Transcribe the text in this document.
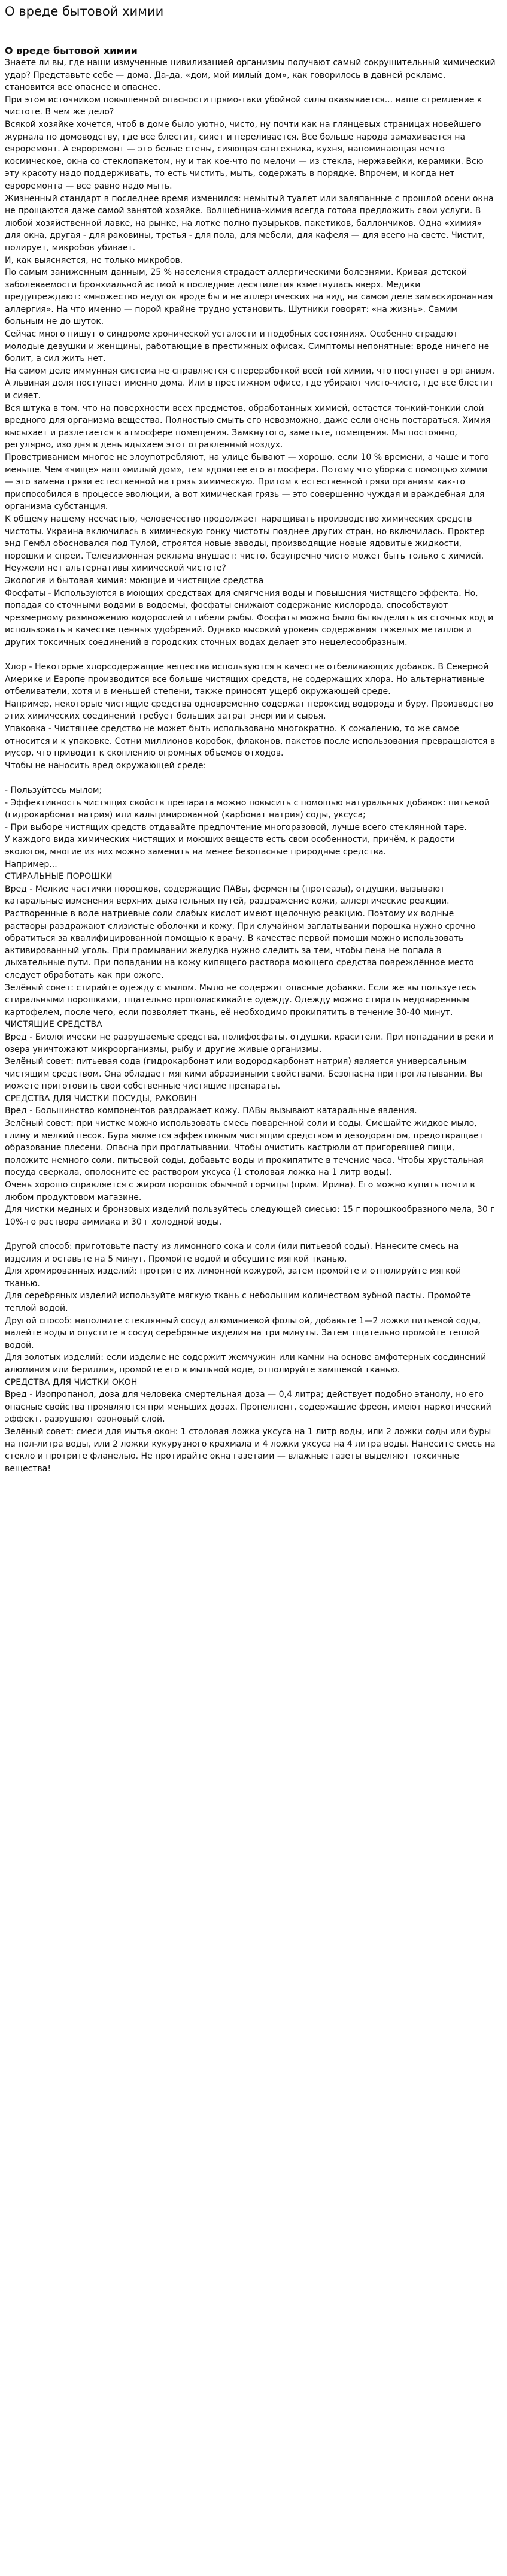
О вреде бытовой химии
О вреде бытовой химии

Знаете ли вы, где наши измученные цивилизацией организмы получают самый сокрушительный химический удар? Представьте себе — дома. Да-да, «дом, мой милый дом», как говорилось в давней рекламе, становится все опаснее и опаснее.

При этом источником повышенной опасности прямо-таки убойной силы оказывается... наше стремление к чистоте. В чем же дело?

Всякой хозяйке хочется, чтоб в доме было уютно, чисто, ну почти как на глянцевых страницах новейшего журнала по домоводству, где все блестит, сияет и переливается. Все больше народа замахивается на евроремонт. А евроремонт — это белые стены, сияющая сантехника, кухня, напоминающая нечто космическое, окна со стеклопакетом, ну и так кое-что по мелочи — из стекла, нержавейки, керамики. Всю эту красоту надо поддерживать, то есть чистить, мыть, содержать в порядке. Впрочем, и когда нет евроремонта — все равно надо мыть.

Жизненный стандарт в последнее время изменился: немытый туалет или заляпанные с прошлой осени окна не прощаются даже самой занятой хозяйке. Волшебница-химия всегда готова предложить свои услуги. В любой хозяйственной лавке, на рынке, на лотке полно пузырьков, пакетиков, баллончиков. Одна «химия» для окна, другая - для раковины, третья - для пола, для мебели, для кафеля — для всего на свете. Чистит, полирует, микробов убивает.

И, как выясняется, не только микробов.

По самым заниженным данным, 25 % населения страдает аллергическими болезнями. Кривая детской заболеваемости бронхиальной астмой в последние десятилетия взметнулась вверх. Медики предупреждают: «множество недугов вроде бы и не аллергических на вид, на самом деле замаскированная аллергия». На что именно — порой крайне трудно установить. Шутники говорят: «на жизнь». Самим больным не до шуток.

Сейчас много пишут о синдроме хронической усталости и подобных состояниях. Особенно страдают молодые девушки и женщины, работающие в престижных офисах. Симптомы непонятные: вроде ничего не болит, а сил жить нет.

На самом деле иммунная система не справляется с переработкой всей той химии, что поступает в организм. А львиная доля поступает именно дома. Или в престижном офисе, где убирают чисто-чисто, где все блестит и сияет.

Вся штука в том, что на поверхности всех предметов, обработанных химией, остается тонкий-тонкий слой вредного для организма вещества. Полностью смыть его невозможно, даже если очень постараться. Химия высыхает и разлетается в атмосфере помещения. Замкнутого, заметьте, помещения. Мы постоянно, регулярно, изо дня в день вдыхаем этот отравленный воздух.

Проветриванием многое не злоупотребляют, на улице бывают — хорошо, если 10 % времени, а чаще и того меньше. Чем «чище» наш «милый дом», тем ядовитее его атмосфера. Потому что уборка с помощью химии — это замена грязи естественной на грязь химическую. Притом к естественной грязи организм как-то приспособился в процессе эволюции, а вот химическая грязь — это совершенно чуждая и враждебная для организма субстанция.

К общему нашему несчастью, человечество продолжает наращивать производство химических средств чистоты. Украина включилась в химическую гонку чистоты позднее других стран, но включилась. Проктер энд Гембл обосновался под Тулой, строятся новые заводы, производящие новые ядовитые жидкости, порошки и спреи. Телевизионная реклама внушает: чисто, безупречно чисто может быть только с химией.

Неужели нет альтернативы химической чистоте?

Экология и бытовая химия: моющие и чистящие средства

Фосфаты - Используются в моющих средствах для смягчения воды и повышения чистящего эффекта. Но, попадая со сточными водами в водоемы, фосфаты снижают содержание кислорода, способствуют чрезмерному размножению водорослей и гибели рыбы. Фосфаты можно было бы выделить из сточных вод и использовать в качестве ценных удобрений. Однако высокий уровень содержания тяжелых металлов и других токсичных соединений в городских сточных водах делает это нецелесообразным.

Хлор - Некоторые хлорсодержащие вещества используются в качестве отбеливающих добавок. В Северной Америке и Европе производится все больше чистящих средств, не содержащих хлора. Но альтернативные отбеливатели, хотя и в меньшей степени, также приносят ущерб окружающей среде.

Например, некоторые чистящие средства одновременно содержат пероксид водорода и буру. Производство этих химических соединений требует больших затрат энергии и сырья.

Упаковка - Чистящее средство не может быть использовано многократно. К сожалению, то же самое относится и к упаковке. Сотни миллионов коробок, флаконов, пакетов после использования превращаются в мусор, что приводит к скоплению огромных объемов отходов.

Чтобы не наносить вред окружающей среде:

- Пользуйтесь мылом;

- Эффективность чистящих свойств препарата можно повысить с помощью натуральных добавок: питьевой (гидрокарбонат натрия) или кальцинированной (карбонат натрия) соды, уксуса;

- При выборе чистящих средств отдавайте предпочтение многоразовой, лучше всего стеклянной таре.

У каждого вида химических чистящих и моющих веществ есть свои особенности, причём, к радости экологов, многие из них можно заменить на менее безопасные природные средства.

Например...

СТИРАЛЬНЫЕ ПОРОШКИ

Вред - Мелкие частички порошков, содержащие ПАВы, ферменты (протеазы), отдушки, вызывают катаральные изменения верхних дыхательных путей, раздражение кожи, аллергические реакции. Растворенные в воде натриевые соли слабых кислот имеют щелочную реакцию. Поэтому их водные растворы раздражают слизистые оболочки и кожу. При случайном заглатывании порошка нужно срочно обратиться за квалифицированной помощью к врачу. В качестве первой помощи можно использовать активированный уголь. При промывании желудка нужно следить за тем, чтобы пена не попала в дыхательные пути. При попадании на кожу кипящего раствора моющего средства повреждённое место следует обработать как при ожоге.

Зелёный совет: стирайте одежду с мылом. Мыло не содержит опасные добавки. Если же вы пользуетесь стиральными порошками, тщательно прополаскивайте одежду. Одежду можно стирать недоваренным картофелем, после чего, если позволяет ткань, её необходимо прокипятить в течение 30-40 минут.

ЧИСТЯЩИЕ СРЕДСТВА

Вред - Биологически не разрушаемые средства, полифосфаты, отдушки, красители. При попадании в реки и озера уничтожают микроорганизмы, рыбу и другие живые организмы.

Зелёный совет: питьевая сода (гидрокарбонат или водородкарбонат натрия) является универсальным чистящим средством. Она обладает мягкими абразивными свойствами. Безопасна при проглатывании. Вы можете приготовить свои собственные чистящие препараты.

СРЕДСТВА ДЛЯ ЧИСТКИ ПОСУДЫ, РАКОВИН

Вред - Большинство компонентов раздражает кожу. ПАВы вызывают катаральные явления.

Зелёный совет: при чистке можно использовать смесь поваренной соли и соды. Смешайте жидкое мыло, глину и мелкий песок. Бура является эффективным чистящим средством и дезодорантом, предотвращает образование плесени. Опасна при проглатывании. Чтобы очистить кастрюли от пригоревшей пищи, положите немного соли, питьевой соды, добавьте воды и прокипятите в течение часа. Чтобы хрустальная посуда сверкала, ополосните ее раствором уксуса (1 столовая ложка на 1 литр воды).

Очень хорошо справляется с жиром порошок обычной горчицы (прим. Ирина). Его можно купить почти в любом продуктовом магазине.

Для чистки медных и бронзовых изделий пользуйтесь следующей смесью: 15 г порошкообразного мела, 30 г 10%-го раствора аммиака и 30 г холодной воды.

Другой способ: приготовьте пасту из лимонного сока и соли (или питьевой соды). Нанесите смесь на изделия и оставьте на 5 минут. Промойте водой и обсушите мягкой тканью.

Для хромированных изделий: протрите их лимонной кожурой, затем промойте и отполируйте мягкой тканью.

Для серебряных изделий используйте мягкую ткань с небольшим количеством зубной пасты. Промойте теплой водой.

Другой способ: наполните стеклянный сосуд алюминиевой фольгой, добавьте 1—2 ложки питьевой соды, налейте воды и опустите в сосуд серебряные изделия на три минуты. Затем тщательно промойте теплой водой.

Для золотых изделий: если изделие не содержит жемчужин или камни на основе амфотерных соединений алюминия или бериллия, промойте его в мыльной воде, отполируйте замшевой тканью.

СРЕДСТВА ДЛЯ ЧИСТКИ ОКОН

Вред - Изопропанол, доза для человека смертельная доза — 0,4 литра; действует подобно этанолу, но его опасные свойства проявляются при меньших дозах. Пропеллент, содержащие фреон, имеют наркотический эффект, разрушают озоновый слой.

Зелёный совет: смеси для мытья окон: 1 столовая ложка уксуса на 1 литр воды, или 2 ложки соды или буры на пол-литра воды, или 2 ложки кукурузного крахмала и 4 ложки уксуса на 4 литра воды. Нанесите смесь на стекло и протрите фланелью. Не протирайте окна газетами — влажные газеты выделяют токсичные вещества!
